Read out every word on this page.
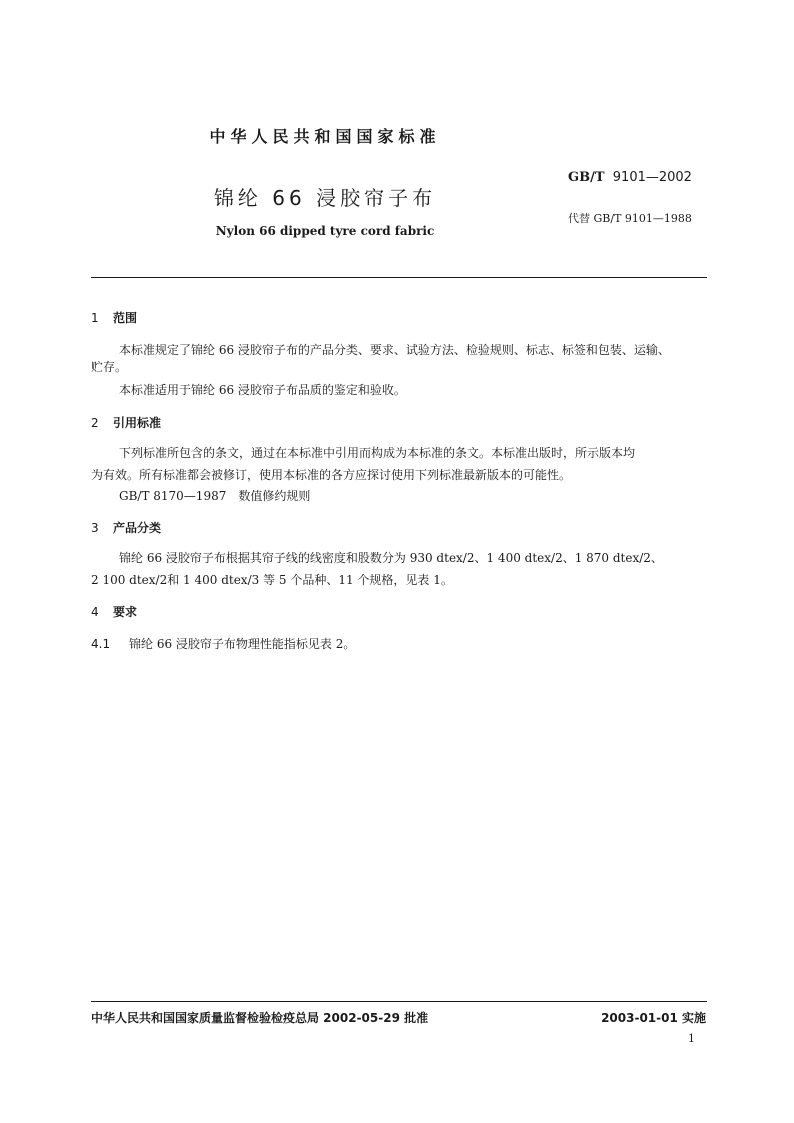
中华人民共和国国家标准
锦纶 66 浸胶帘子布
Nylon 66 dipped tyre cord fabric
GB/T 9101—2002
代替 GB/T 9101—1988
1 范围
本标准规定了锦纶 66 浸胶帘子布的产品分类、要求、试验方法、检验规则、标志、标签和包装、运输、
贮存。
本标准适用于锦纶 66 浸胶帘子布品质的鉴定和验收。
2 引用标准
下列标准所包含的条文，通过在本标准中引用而构成为本标准的条文。本标准出版时，所示版本均
为有效。所有标准都会被修订，使用本标准的各方应探讨使用下列标准最新版本的可能性。
GB/T 8170—1987　数值修约规则
3 产品分类
锦纶 66 浸胶帘子布根据其帘子线的线密度和股数分为 930 dtex/2、1 400 dtex/2、1 870 dtex/2、
2 100 dtex/2和 1 400 dtex/3 等 5 个品种、11 个规格，见表 1。
4 要求
4.1 锦纶 66 浸胶帘子布物理性能指标见表 2。
中华人民共和国国家质量监督检验检疫总局 2002-05-29 批准	2003-01-01 实施
1
